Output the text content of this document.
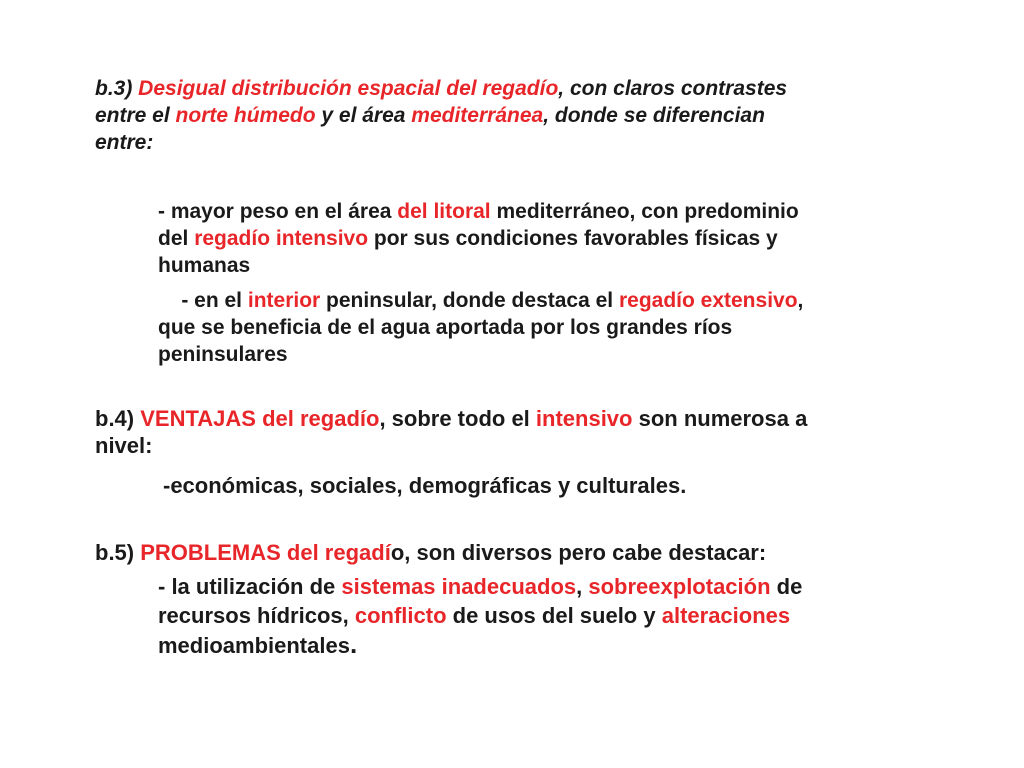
b.3) Desigual distribución espacial del regadío, con claros contrastes
entre el norte húmedo y el área mediterránea, donde se diferencian
entre:

- mayor peso en el área del litoral mediterráneo, con predominio
del regadío intensivo por sus condiciones favorables físicas y
humanas

- en el interior peninsular, donde destaca el regadío extensivo,
que se beneficia de el agua aportada por los grandes ríos
peninsulares

b.4) VENTAJAS del regadío, sobre todo el intensivo son numerosa a
nivel:

-económicas, sociales, demográficas y culturales.

b.5) PROBLEMAS del regadío, son diversos pero cabe destacar:

- la utilización de sistemas inadecuados, sobreexplotación de
recursos hídricos, conflicto de usos del suelo y alteraciones
medioambientales.
